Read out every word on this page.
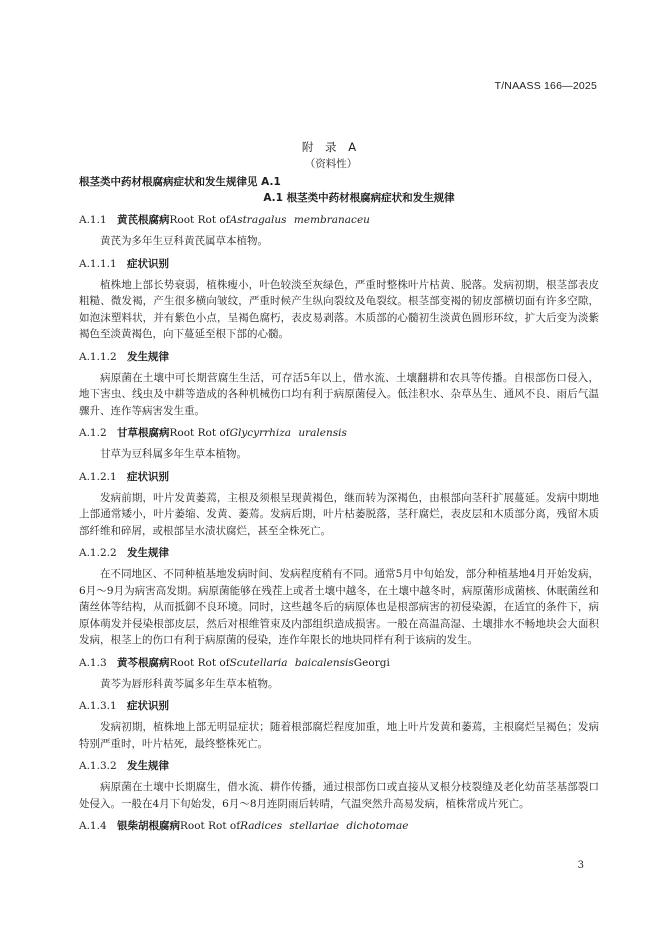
T/NAASS 166—2025
附 录 A
（资料性）
根茎类中药材根腐病症状和发生规律见 A.1
A.1 根茎类中药材根腐病症状和发生规律
A.1.1 黄芪根腐病 Root Rot of Astragalus membranaceu

黄芪为多年生豆科黄芪属草本植物。

A.1.1.1 症状识别

植株地上部长势衰弱，植株瘦小，叶色较淡至灰绿色，严重时整株叶片枯黄、脱落。发病初期，根茎部表皮粗糙、微发褐，产生很多横向皱纹，严重时候产生纵向裂纹及龟裂纹。根茎部变褐的韧皮部横切面有许多空隙，如泡沫塑料状，并有紫色小点，呈褐色腐朽，表皮易剥落。木质部的心髓初生淡黄色圆形环纹，扩大后变为淡紫褐色至淡黄褐色，向下蔓延至根下部的心髓。

A.1.1.2 发生规律

病原菌在土壤中可长期营腐生生活，可存活5年以上，借水流、土壤翻耕和农具等传播。自根部伤口侵入，地下害虫、线虫及中耕等造成的各种机械伤口均有利于病原菌侵入。低洼积水、杂草丛生、通风不良、雨后气温骤升、连作等病害发生重。

A.1.2 甘草根腐病 Root Rot of Glycyrrhiza uralensis

甘草为豆科属多年生草本植物。

A.1.2.1 症状识别

发病前期，叶片发黄萎蔫，主根及须根呈现黄褐色，继而转为深褐色，由根部向茎秆扩展蔓延。发病中期地上部通常矮小，叶片萎缩、发黄、萎蔫。发病后期，叶片枯萎脱落，茎秆腐烂，表皮层和木质部分离，残留木质部纤维和碎屑，或根部呈水渍状腐烂，甚至全株死亡。

A.1.2.2 发生规律

在不同地区、不同种植基地发病时间、发病程度稍有不同。通常5月中旬始发，部分种植基地4月开始发病，6月～9月为病害高发期。病原菌能够在残茬上或者土壤中越冬，在土壤中越冬时，病原菌形成菌核、休眠菌丝和菌丝体等结构，从而抵御不良环境。同时，这些越冬后的病原体也是根部病害的初侵染源，在适宜的条件下，病原体萌发并侵染根部皮层，然后对根维管束及内部组织造成损害。一般在高温高湿、土壤排水不畅地块会大面积发病，根茎上的伤口有利于病原菌的侵染，连作年限长的地块同样有利于该病的发生。

A.1.3 黄芩根腐病 Root Rot of Scutellaria baicalensis Georgi

黄芩为唇形科黄芩属多年生草本植物。

A.1.3.1 症状识别

发病初期，植株地上部无明显症状；随着根部腐烂程度加重，地上叶片发黄和萎蔫，主根腐烂呈褐色；发病特别严重时，叶片枯死，最终整株死亡。

A.1.3.2 发生规律

病原菌在土壤中长期腐生，借水流、耕作传播，通过根部伤口或直接从叉根分枝裂缝及老化幼苗茎基部裂口处侵入。一般在4月下旬始发，6月～8月连阴雨后转晴，气温突然升高易发病，植株常成片死亡。

A.1.4 银柴胡根腐病 Root Rot of Radices stellariae dichotomae
3
